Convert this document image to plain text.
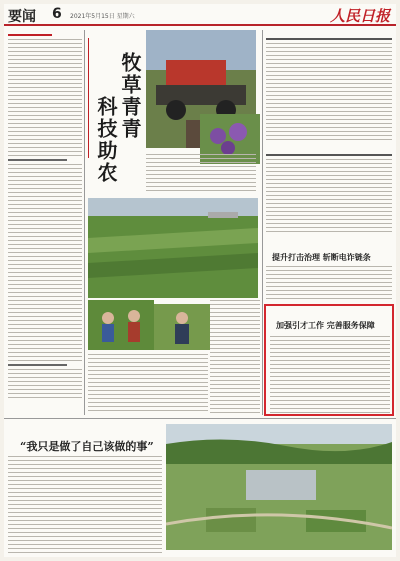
要闻 6 2021年5月15日 星期六	人民日报
牧草青青
科技助农
提升打击治理 斩断电诈链条
加强引才工作 完善服务保障
“我只是做了自己该做的事”
